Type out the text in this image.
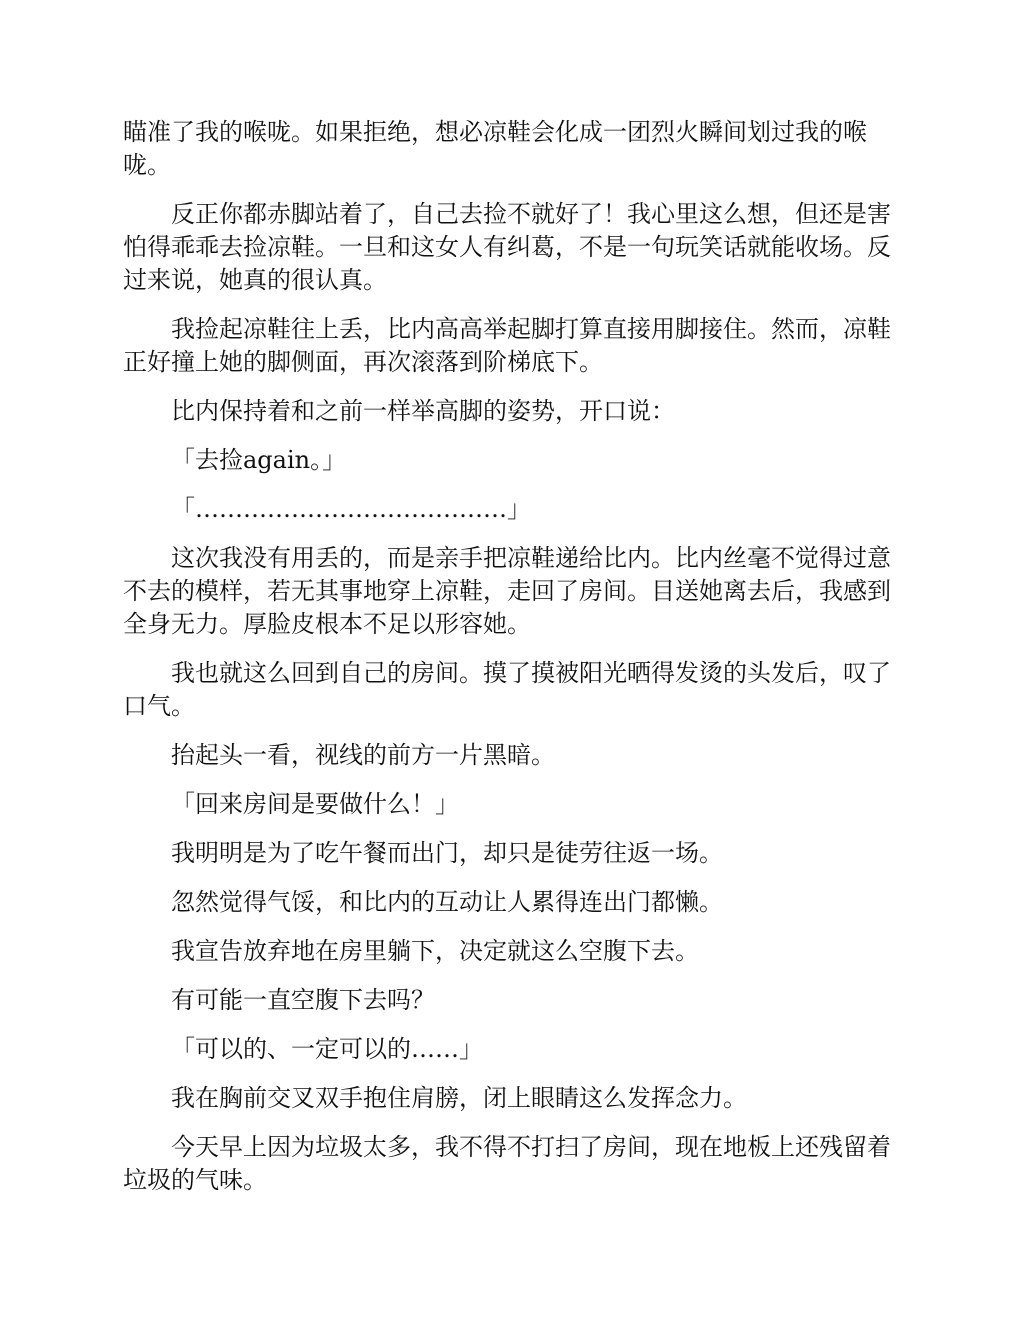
瞄准了我的喉咙。如果拒绝，想必凉鞋会化成一团烈火瞬间划过我的喉咙。

反正你都赤脚站着了，自己去捡不就好了！我心里这么想，但还是害怕得乖乖去捡凉鞋。一旦和这女人有纠葛，不是一句玩笑话就能收场。反过来说，她真的很认真。

我捡起凉鞋往上丢，比内高高举起脚打算直接用脚接住。然而，凉鞋正好撞上她的脚侧面，再次滚落到阶梯底下。

比内保持着和之前一样举高脚的姿势，开口说：

「去捡again。」

「…………………………………」

这次我没有用丢的，而是亲手把凉鞋递给比内。比内丝毫不觉得过意不去的模样，若无其事地穿上凉鞋，走回了房间。目送她离去后，我感到全身无力。厚脸皮根本不足以形容她。

我也就这么回到自己的房间。摸了摸被阳光晒得发烫的头发后，叹了口气。

抬起头一看，视线的前方一片黑暗。

「回来房间是要做什么！」

我明明是为了吃午餐而出门，却只是徒劳往返一场。

忽然觉得气馁，和比内的互动让人累得连出门都懒。

我宣告放弃地在房里躺下，决定就这么空腹下去。

有可能一直空腹下去吗？

「可以的、一定可以的……」

我在胸前交叉双手抱住肩膀，闭上眼睛这么发挥念力。

今天早上因为垃圾太多，我不得不打扫了房间，现在地板上还残留着垃圾的气味。
